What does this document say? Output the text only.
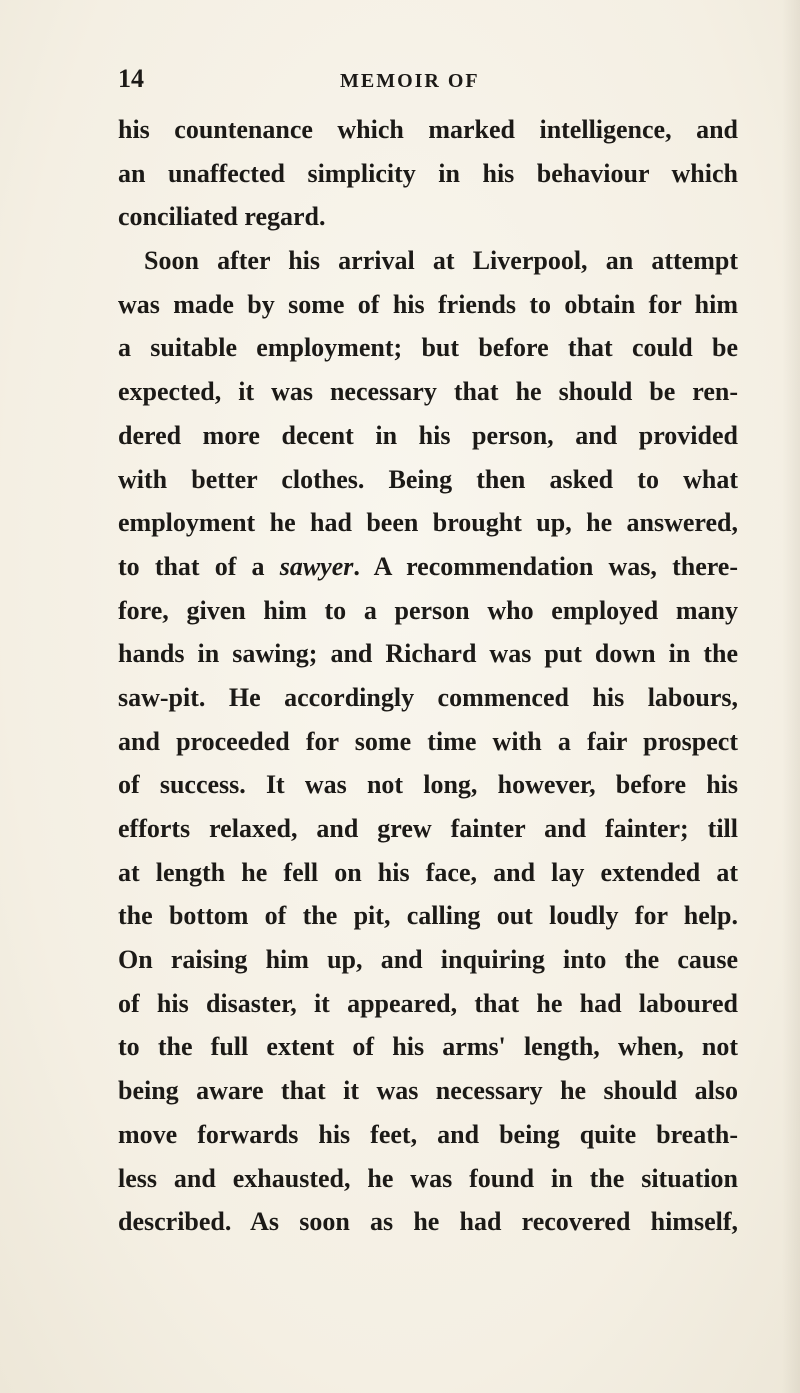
14	MEMOIR OF
his countenance which marked intelligence, and
an unaffected simplicity in his behaviour which
conciliated regard.
Soon after his arrival at Liverpool, an attempt
was made by some of his friends to obtain for him
a suitable employment; but before that could be
expected, it was necessary that he should be ren-
dered more decent in his person, and provided
with better clothes. Being then asked to what
employment he had been brought up, he answered,
to that of a sawyer. A recommendation was, there-
fore, given him to a person who employed many
hands in sawing; and Richard was put down in the
saw-pit. He accordingly commenced his labours,
and proceeded for some time with a fair prospect
of success. It was not long, however, before his
efforts relaxed, and grew fainter and fainter; till
at length he fell on his face, and lay extended at
the bottom of the pit, calling out loudly for help.
On raising him up, and inquiring into the cause
of his disaster, it appeared, that he had laboured
to the full extent of his arms' length, when, not
being aware that it was necessary he should also
move forwards his feet, and being quite breath-
less and exhausted, he was found in the situation
described. As soon as he had recovered himself,
